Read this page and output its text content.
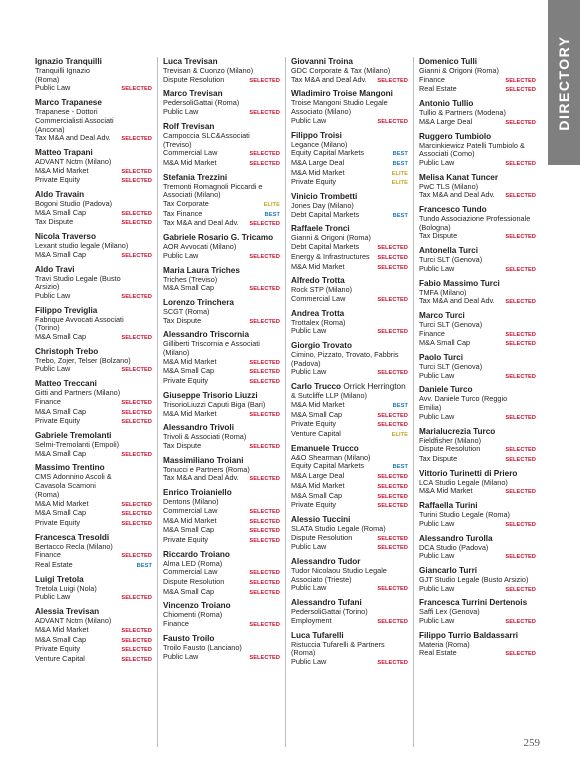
DIRECTORY
Ignazio Tranquilli
Tranquilli Ignazio
(Roma)
Public Law	SELECTED
Marco Trapanese
Trapanese - Dottori
Commercialisti Associati
(Ancona)
Tax M&A and Deal Adv.	SELECTED
Matteo Trapani
ADVANT Nctm (Milano)
M&A Mid Market	SELECTED
Private Equity	SELECTED
Aldo Travain
Bogoni Studio (Padova)
M&A Small Cap	SELECTED
Tax Dispute	SELECTED
Nicola Traverso
Lexant studio legale (Milano)
M&A Small Cap	SELECTED
Aldo Travi
Travi Studio Legale (Busto
Arsizio)
Public Law	SELECTED
Filippo Treviglia
Fabrique Avvocati Associati
(Torino)
M&A Small Cap	SELECTED
Christoph Trebo
Trebo, Zojer, Telser (Bolzano)
Public Law	SELECTED
Matteo Treccani
Gitti and Partners (Milano)
Finance	SELECTED
M&A Small Cap	SELECTED
Private Equity	SELECTED
Gabriele Tremolanti
Selmi-Tremolanti (Empoli)
M&A Small Cap	SELECTED
Massimo Trentino
CMS Adonnino Ascoli &
Cavasola Scamoni
(Roma)
M&A Mid Market	SELECTED
M&A Small Cap	SELECTED
Private Equity	SELECTED
Francesca Tresoldi
Bertacco Recla (Milano)
Finance	SELECTED
Real Estate	BEST
Luigi Tretola
Tretola Luigi (Nola)
Public Law	SELECTED
Alessia Trevisan
ADVANT Nctm (Milano)
M&A Mid Market	SELECTED
M&A Small Cap	SELECTED
Private Equity	SELECTED
Venture Capital	SELECTED
Luca Trevisan
Trevisan & Cuonzo (Milano)
Dispute Resolution	SELECTED
Marco Trevisan
PedersoliGattai (Roma)
Public Law	SELECTED
Rolf Trevisan
Campoccia SLC&Associati
(Treviso)
Commercial Law	SELECTED
M&A Mid Market	SELECTED
Stefania Trezzini
Tremonti Romagnoli Piccardi e
Associati (Milano)
Tax Corporate	ELITE
Tax Finance	BEST
Tax M&A and Deal Adv.	SELECTED
Gabriele Rosario G. Tricamo
AOR Avvocati (Milano)
Public Law	SELECTED
Maria Laura Triches
Triches (Treviso)
M&A Small Cap	SELECTED
Lorenzo Trinchera
SCGT (Roma)
Tax Dispute	SELECTED
Alessandro Triscornia
Gilliberti Triscornia e Associati
(Milano)
M&A Mid Market	SELECTED
M&A Small Cap	SELECTED
Private Equity	SELECTED
Giuseppe Trisorio Liuzzi
TrisorioLiuzzi Caputi Biga (Bari)
M&A Mid Market	SELECTED
Alessandro Trivoli
Trivoli & Associati (Roma)
Tax Dispute	SELECTED
Massimiliano Troiani
Tonucci e Partners (Roma)
Tax M&A and Deal Adv.	SELECTED
Enrico Troianiello
Dentons (Milano)
Commercial Law	SELECTED
M&A Mid Market	SELECTED
M&A Small Cap	SELECTED
Private Equity	SELECTED
Riccardo Troiano
Alma LED (Roma)
Commercial Law	SELECTED
Dispute Resolution	SELECTED
M&A Small Cap	SELECTED
Vincenzo Troiano
Chiomenti (Roma)
Finance	SELECTED
Fausto Troilo
Troilo Fausto (Lanciano)
Public Law	SELECTED
Giovanni Troina
GDC Corporate & Tax (Milano)
Tax M&A and Deal Adv.	SELECTED
Wladimiro Troise Mangoni
Troise Mangoni Studio Legale
Associato (Milano)
Public Law	SELECTED
Filippo Troisi
Legance (Milano)
Equity Capital Markets	BEST
M&A Large Deal	BEST
M&A Mid Market	ELITE
Private Equity	ELITE
Vinicio Trombetti
Jones Day (Milano)
Debt Capital Markets	BEST
Raffaele Tronci
Gianni & Origoni (Roma)
Debt Capital Markets	SELECTED
Energy & Infrastructures	SELECTED
M&A Mid Market	SELECTED
Alfredo Trotta
Rock STP (Milano)
Commercial Law	SELECTED
Andrea Trotta
Trottalex (Roma)
Public Law	SELECTED
Giorgio Trovato
Cimino, Pizzato, Trovato, Fabbris
(Padova)
Public Law	SELECTED
Carlo Trucco Orrick Herrington
& Sutcliffe LLP (Milano)
M&A Mid Market	BEST
M&A Small Cap	SELECTED
Private Equity	SELECTED
Venture Capital	ELITE
Emanuele Trucco
A&O Shearman (Milano)
Equity Capital Markets	BEST
M&A Large Deal	SELECTED
M&A Mid Market	SELECTED
M&A Small Cap	SELECTED
Private Equity	SELECTED
Alessio Tuccini
SLATA Studio Legale (Roma)
Dispute Resolution	SELECTED
Public Law	SELECTED
Alessandro Tudor
Tudor Nicolaou Studio Legale
Associato (Trieste)
Public Law	SELECTED
Alessandro Tufani
PedersoliGattai (Torino)
Employment	SELECTED
Luca Tufarelli
Ristuccia Tufarelli & Partners
(Roma)
Public Law	SELECTED
Domenico Tulli
Gianni & Origoni (Roma)
Finance	SELECTED
Real Estate	SELECTED
Antonio Tullio
Tullio & Partners (Modena)
M&A Large Deal	SELECTED
Ruggero Tumbiolo
Marcinkiewicz Patelli Tumbiolo &
Associati (Como)
Public Law	SELECTED
Melisa Kanat Tuncer
PwC TLS (Milano)
Tax M&A and Deal Adv.	SELECTED
Francesco Tundo
Tundo Associazione Professionale
(Bologna)
Tax Dispute	SELECTED
Antonella Turci
Turci SLT (Genova)
Public Law	SELECTED
Fabio Massimo Turci
TMFA (Milano)
Tax M&A and Deal Adv.	SELECTED
Marco Turci
Turci SLT (Genova)
Finance	SELECTED
M&A Small Cap	SELECTED
Paolo Turci
Turci SLT (Genova)
Public Law	SELECTED
Daniele Turco
Avv. Daniele Turco (Reggio
Emilia)
Public Law	SELECTED
Marialucrezia Turco
Fieldfisher (Milano)
Dispute Resolution	SELECTED
Tax Dispute	SELECTED
Vittorio Turinetti di Priero
LCA Studio Legale (Milano)
M&A Mid Market	SELECTED
Raffaella Turini
Turini Studio Legale (Roma)
Public Law	SELECTED
Alessandro Turolla
DCA Studio (Padova)
Public Law	SELECTED
Giancarlo Turri
GJT Studio Legale (Busto Arsizio)
Public Law	SELECTED
Francesca Turrini Dertenois
Saffi Lex (Genova)
Public Law	SELECTED
Filippo Turrio Baldassarri
Materia (Roma)
Real Estate	SELECTED
259
